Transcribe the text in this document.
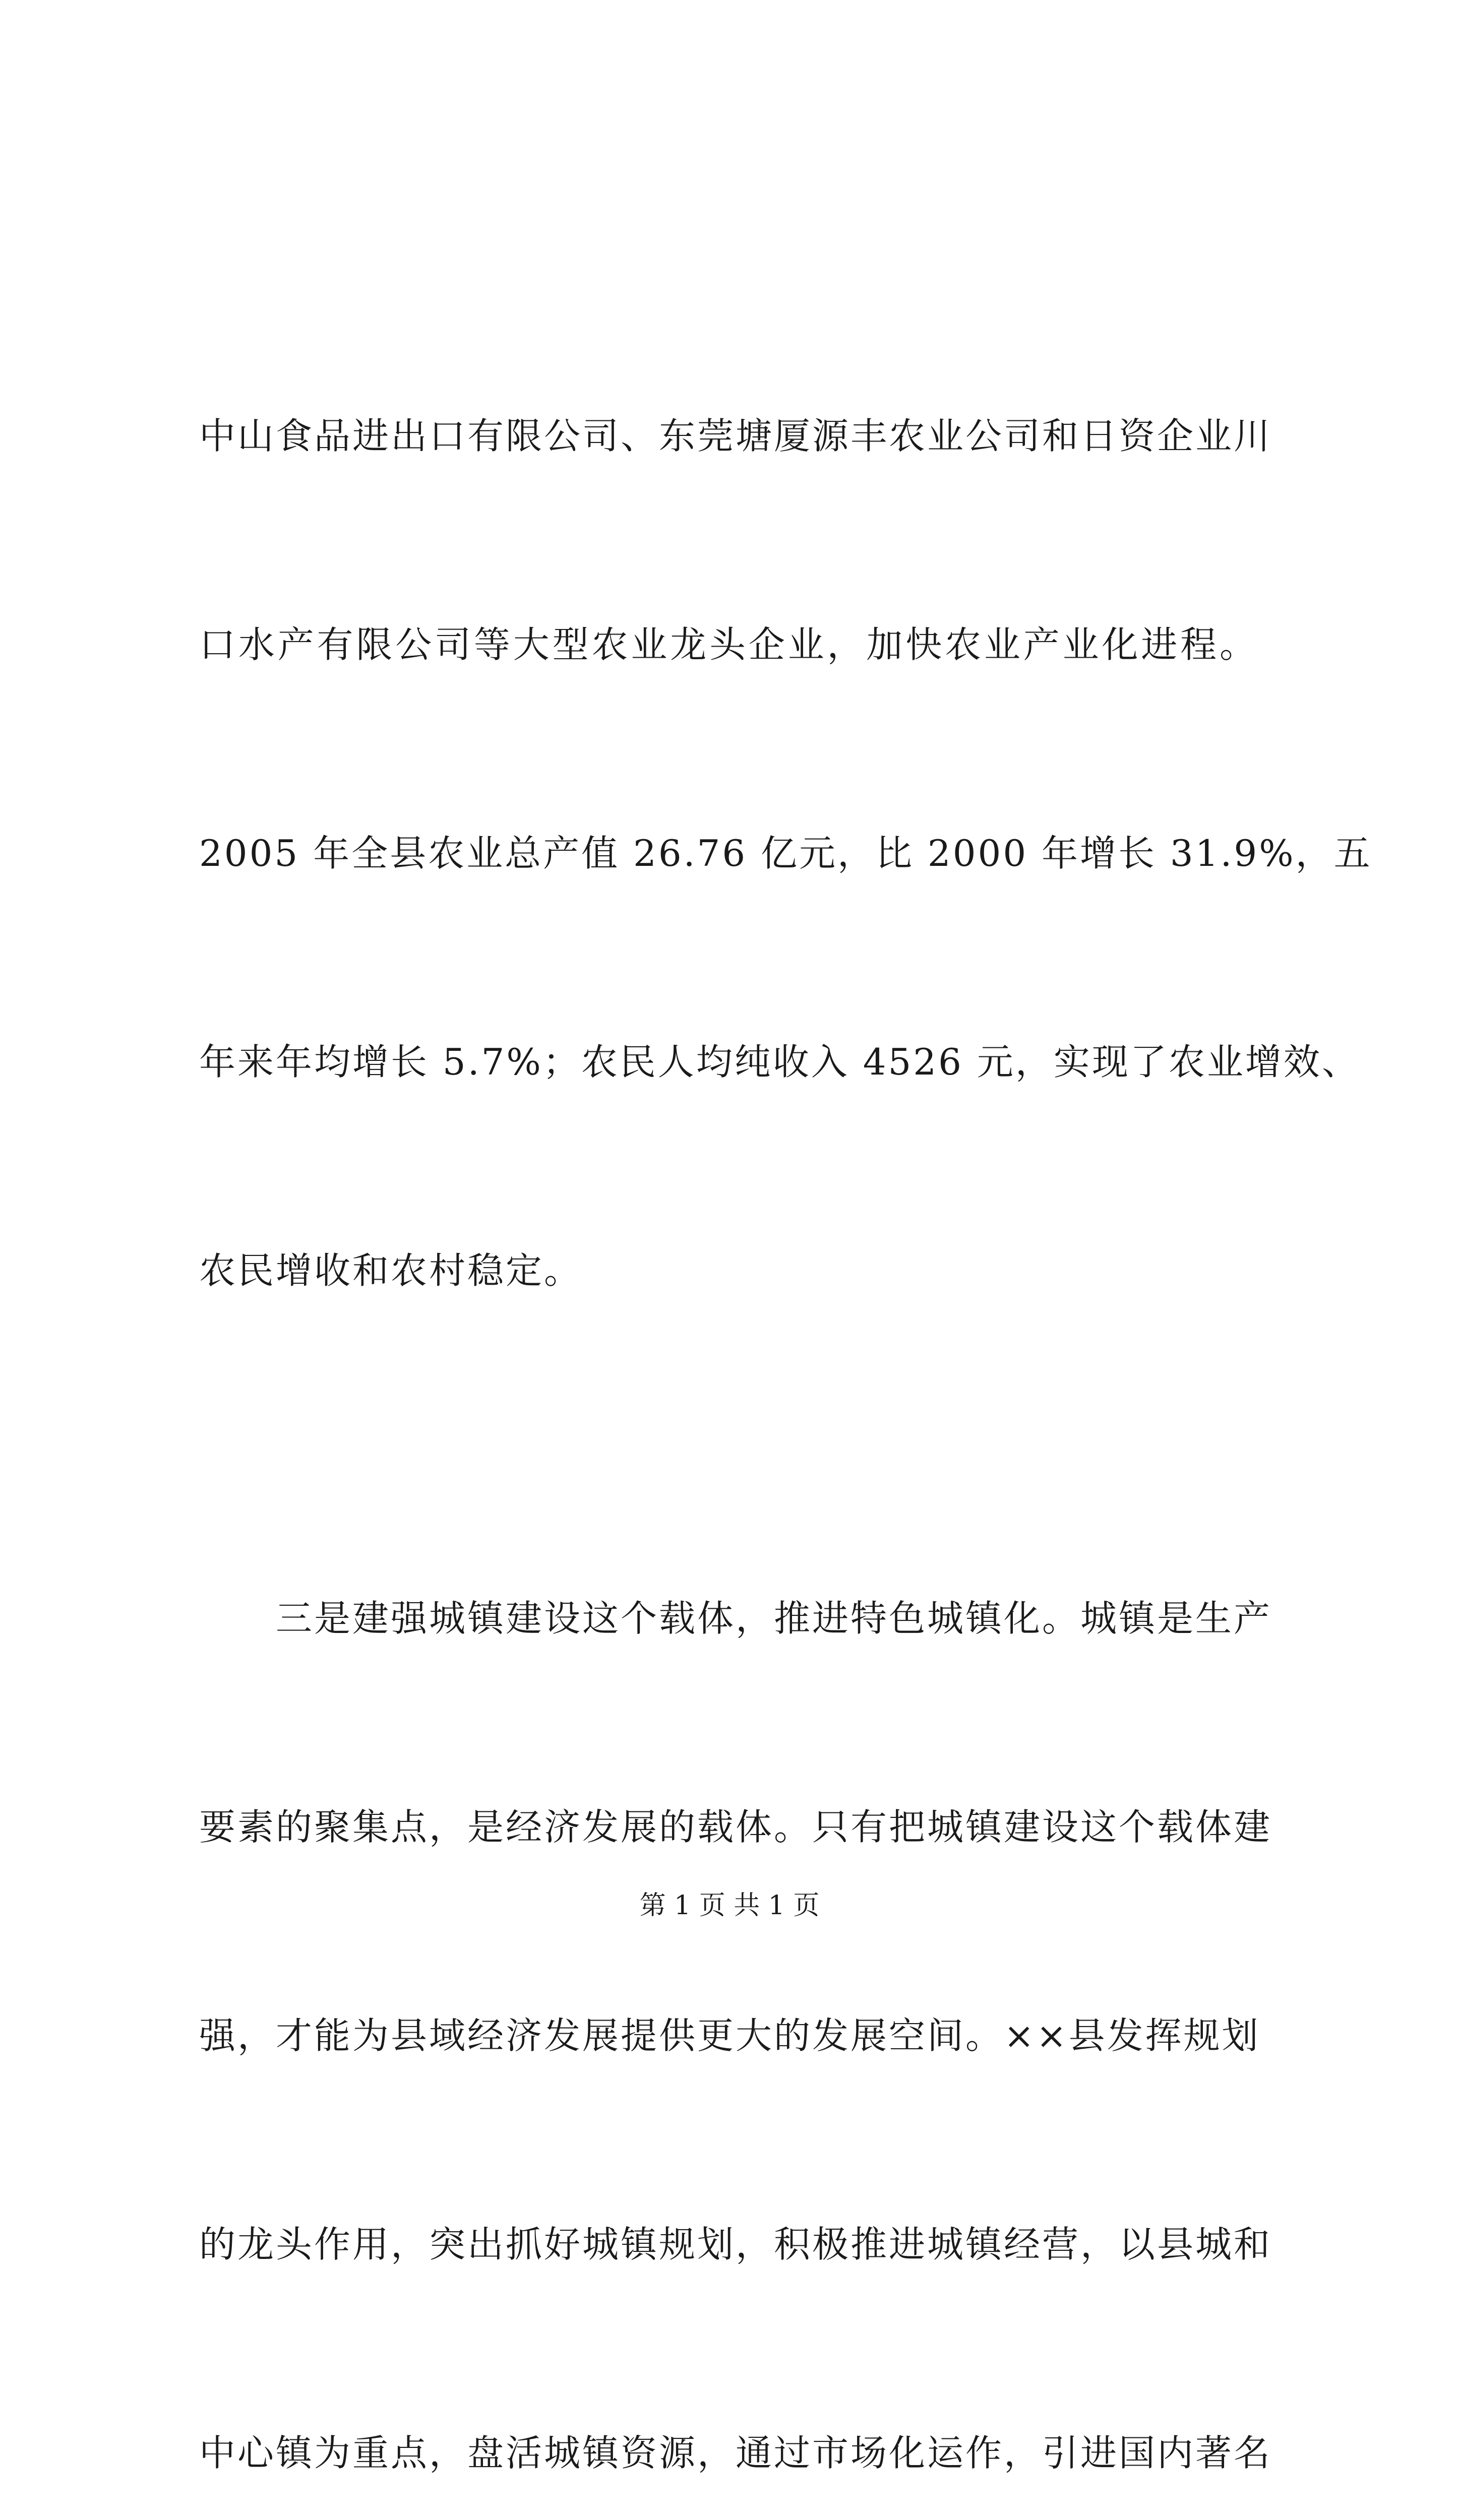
中山食品进出口有限公司、东莞塘厦源丰农业公司和日资企业川

口水产有限公司等大型农业龙头企业，加快农业产业化进程。

2005 年全县农业总产值 26.76 亿元，比 2000 年增长 31.9%，五

年来年均增长 5.7%；农民人均纯收入 4526 元，实现了农业增效、

农民增收和农村稳定。

　　三是建强城镇建设这个载体，推进特色城镇化。城镇是生产

要素的聚集点，是经济发展的载体。只有把城镇建设这个载体建

强，才能为县域经济发展提供更大的发展空间。××县发挥规划

的龙头作用，突出抓好城镇规划，积极推进城镇经营，以县城和

中心镇为重点，盘活城镇资源，通过市场化运作，引进国内著名

第 1 页 共 1 页
